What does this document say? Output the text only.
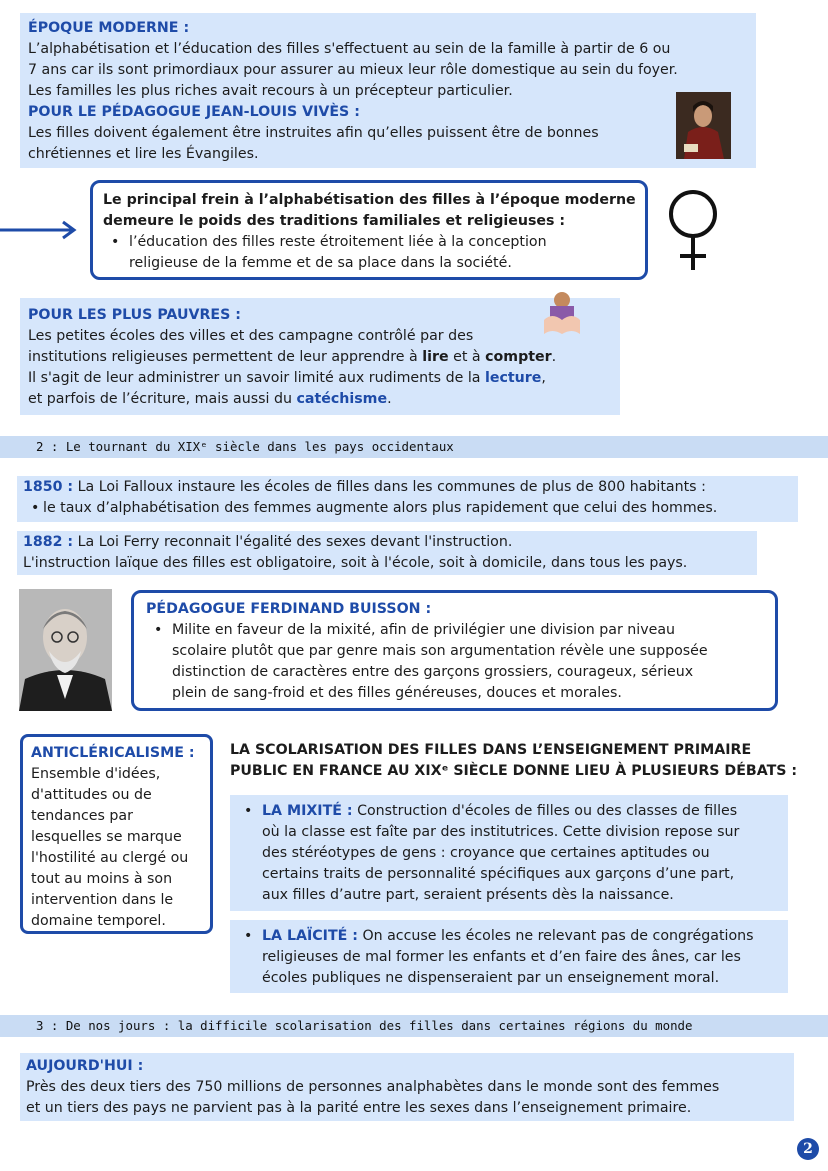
ÉPOQUE MODERNE :
L’alphabétisation et l’éducation des filles s'effectuent au sein de la famille à partir de 6 ou
7 ans car ils sont primordiaux pour assurer au mieux leur rôle domestique au sein du foyer.
Les familles les plus riches avait recours à un précepteur particulier.
POUR LE PÉDAGOGUE JEAN-LOUIS VIVÈS :
Les filles doivent également être instruites afin qu’elles puissent être de bonnes
chrétiennes et lire les Évangiles.
Le principal frein à l’alphabétisation des filles à l’époque moderne
demeure le poids des traditions familiales et religieuses :
• l’éducation des filles reste étroitement liée à la conception
religieuse de la femme et de sa place dans la société.
POUR LES PLUS PAUVRES :
Les petites écoles des villes et des campagne contrôlé par des
institutions religieuses permettent de leur apprendre à lire et à compter.
Il s'agit de leur administrer un savoir limité aux rudiments de la lecture,
et parfois de l’écriture, mais aussi du catéchisme.
2 : Le tournant du XIXᵉ siècle dans les pays occidentaux
1850 : La Loi Falloux instaure les écoles de filles dans les communes de plus de 800 habitants :
• le taux d’alphabétisation des femmes augmente alors plus rapidement que celui des hommes.
1882 : La Loi Ferry reconnait l'égalité des sexes devant l'instruction.
L'instruction laïque des filles est obligatoire, soit à l'école, soit à domicile, dans tous les pays.
PÉDAGOGUE FERDINAND BUISSON :
• Milite en faveur de la mixité, afin de privilégier une division par niveau
scolaire plutôt que par genre mais son argumentation révèle une supposée
distinction de caractères entre des garçons grossiers, courageux, sérieux
plein de sang-froid et des filles généreuses, douces et morales.
ANTICLÉRICALISME :
Ensemble d'idées,
d'attitudes ou de
tendances par
lesquelles se marque
l'hostilité au clergé ou
tout au moins à son
intervention dans le
domaine temporel.
LA SCOLARISATION DES FILLES DANS L’ENSEIGNEMENT PRIMAIRE
PUBLIC EN FRANCE AU XIXᵉ SIÈCLE DONNE LIEU À PLUSIEURS DÉBATS :
• LA MIXITÉ : Construction d'écoles de filles ou des classes de filles
où la classe est faîte par des institutrices. Cette division repose sur
des stéréotypes de gens : croyance que certaines aptitudes ou
certains traits de personnalité spécifiques aux garçons d’une part,
aux filles d’autre part, seraient présents dès la naissance.
• LA LAÏCITÉ : On accuse les écoles ne relevant pas de congrégations
religieuses de mal former les enfants et d’en faire des ânes, car les
écoles publiques ne dispenseraient par un enseignement moral.
3 : De nos jours : la difficile scolarisation des filles dans certaines régions du monde
AUJOURD'HUI :
Près des deux tiers des 750 millions de personnes analphabètes dans le monde sont des femmes
et un tiers des pays ne parvient pas à la parité entre les sexes dans l’enseignement primaire.
2
